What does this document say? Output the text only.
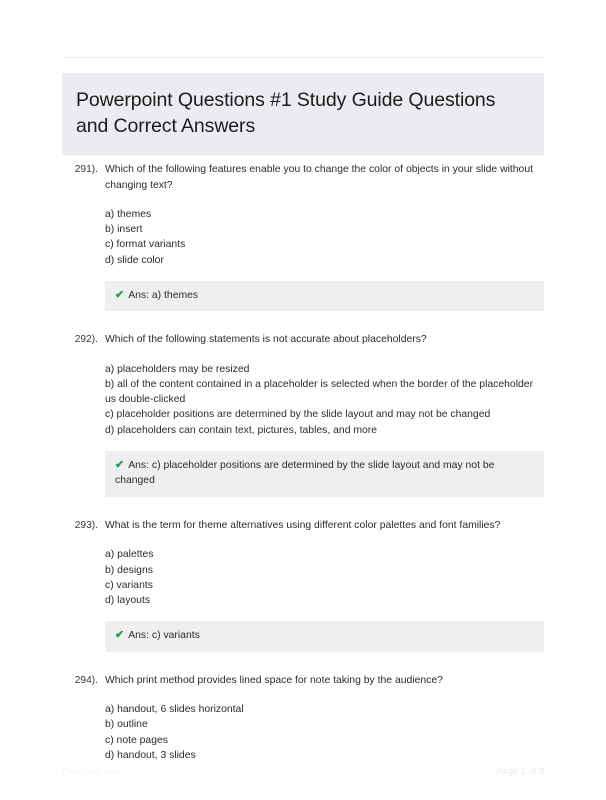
Powerpoint Questions #1 Study Guide Questions and Correct Answers
291). Which of the following features enable you to change the color of objects in your slide without changing text?

a) themes
b) insert
c) format variants
d) slide color
✔ Ans: a) themes
292). Which of the following statements is not accurate about placeholders?

a) placeholders may be resized
b) all of the content contained in a placeholder is selected when the border of the placeholder us double-clicked
c) placeholder positions are determined by the slide layout and may not be changed
d) placeholders can contain text, pictures, tables, and more
✔ Ans: c) placeholder positions are determined by the slide layout and may not be changed
293). What is the term for theme alternatives using different color palettes and font families?

a) palettes
b) designs
c) variants
d) layouts
✔ Ans: c) variants
294). Which print method provides lined space for note taking by the audience?

a) handout, 6 slides horizontal
b) outline
c) note pages
d) handout, 3 slides
PaperShic.com	Page 1 of 3
